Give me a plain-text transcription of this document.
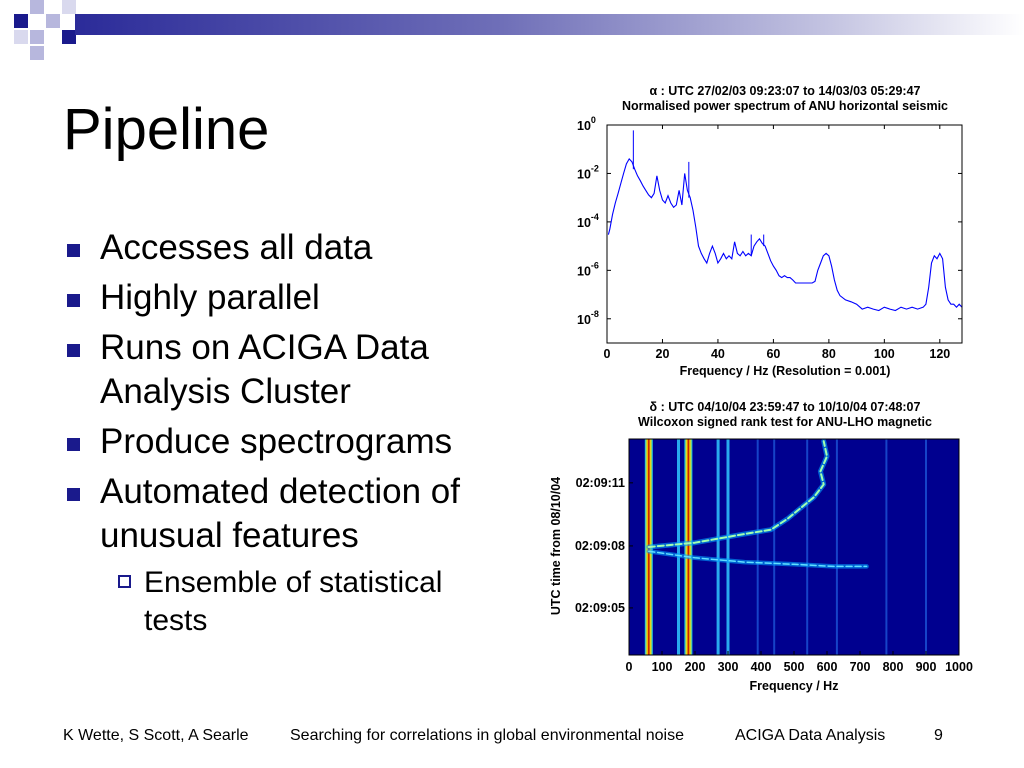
Pipeline
Accesses all data
Highly parallel
Runs on ACIGA Data Analysis Cluster
Produce spectrograms
Automated detection of unusual features
Ensemble of statistical tests
α : UTC 27/02/03 09:23:07 to 14/03/03 05:29:47
Normalised power spectrum of ANU horizontal seismic
0	20	40	60	80	100	120
$10^0$
$10^{-2}$
$10^{-4}$
$10^{-6}$
$10^{-8}$
Frequency / Hz (Resolution = 0.001)
δ : UTC 04/10/04 23:59:47 to 10/10/04 07:48:07
Wilcoxon signed rank test for ANU-LHO magnetic
0 100 200 300 400 500 600 700 800 900 1000
02:09:11
02:09:08
02:09:05
Frequency / Hz
UTC time from 08/10/04
K Wette, S Scott, A Searle	Searching for correlations in global environmental noise	ACIGA Data Analysis	9
